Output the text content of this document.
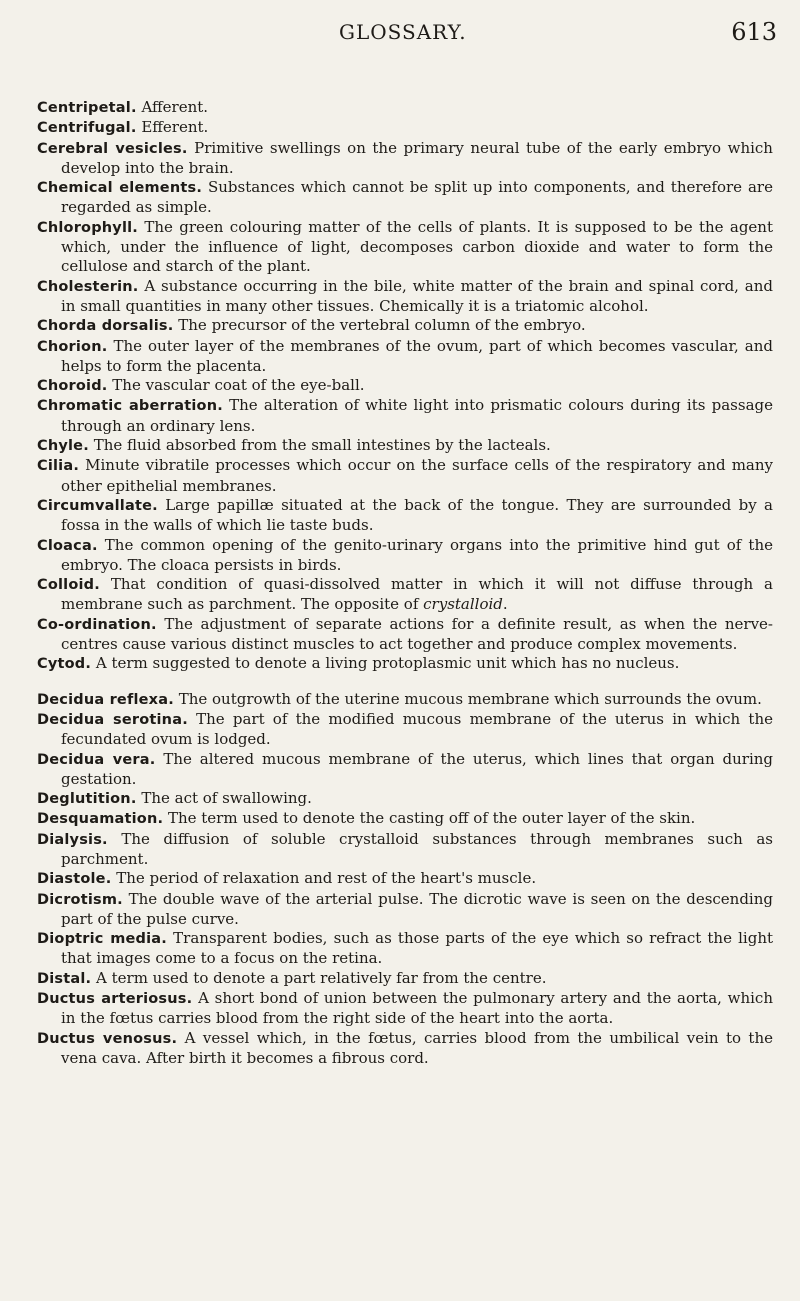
GLOSSARY.	613

Centripetal. Afferent.

Centrifugal. Efferent.

Cerebral vesicles. Primitive swellings on the primary neural tube of the early embryo which develop into the brain.

Chemical elements. Substances which cannot be split up into components, and therefore are regarded as simple.

Chlorophyll. The green colouring matter of the cells of plants. It is supposed to be the agent which, under the influence of light, decomposes carbon dioxide and water to form the cellulose and starch of the plant.

Cholesterin. A substance occurring in the bile, white matter of the brain and spinal cord, and in small quantities in many other tissues. Chemically it is a triatomic alcohol.

Chorda dorsalis. The precursor of the vertebral column of the embryo.

Chorion. The outer layer of the membranes of the ovum, part of which becomes vascular, and helps to form the placenta.

Choroid. The vascular coat of the eye-ball.

Chromatic aberration. The alteration of white light into prismatic colours during its passage through an ordinary lens.

Chyle. The fluid absorbed from the small intestines by the lacteals.

Cilia. Minute vibratile processes which occur on the surface cells of the respiratory and many other epithelial membranes.

Circumvallate. Large papillæ situated at the back of the tongue. They are surrounded by a fossa in the walls of which lie taste buds.

Cloaca. The common opening of the genito-urinary organs into the primitive hind gut of the embryo. The cloaca persists in birds.

Colloid. That condition of quasi-dissolved matter in which it will not diffuse through a membrane such as parchment. The opposite of crystalloid.

Co-ordination. The adjustment of separate actions for a definite result, as when the nerve-centres cause various distinct muscles to act together and produce complex movements.

Cytod. A term suggested to denote a living protoplasmic unit which has no nucleus.

Decidua reflexa. The outgrowth of the uterine mucous membrane which surrounds the ovum.

Decidua serotina. The part of the modified mucous membrane of the uterus in which the fecundated ovum is lodged.

Decidua vera. The altered mucous membrane of the uterus, which lines that organ during gestation.

Deglutition. The act of swallowing.

Desquamation. The term used to denote the casting off of the outer layer of the skin.

Dialysis. The diffusion of soluble crystalloid substances through membranes such as parchment.

Diastole. The period of relaxation and rest of the heart's muscle.

Dicrotism. The double wave of the arterial pulse. The dicrotic wave is seen on the descending part of the pulse curve.

Dioptric media. Transparent bodies, such as those parts of the eye which so refract the light that images come to a focus on the retina.

Distal. A term used to denote a part relatively far from the centre.

Ductus arteriosus. A short bond of union between the pulmonary artery and the aorta, which in the fœtus carries blood from the right side of the heart into the aorta.

Ductus venosus. A vessel which, in the fœtus, carries blood from the umbilical vein to the vena cava. After birth it becomes a fibrous cord.
